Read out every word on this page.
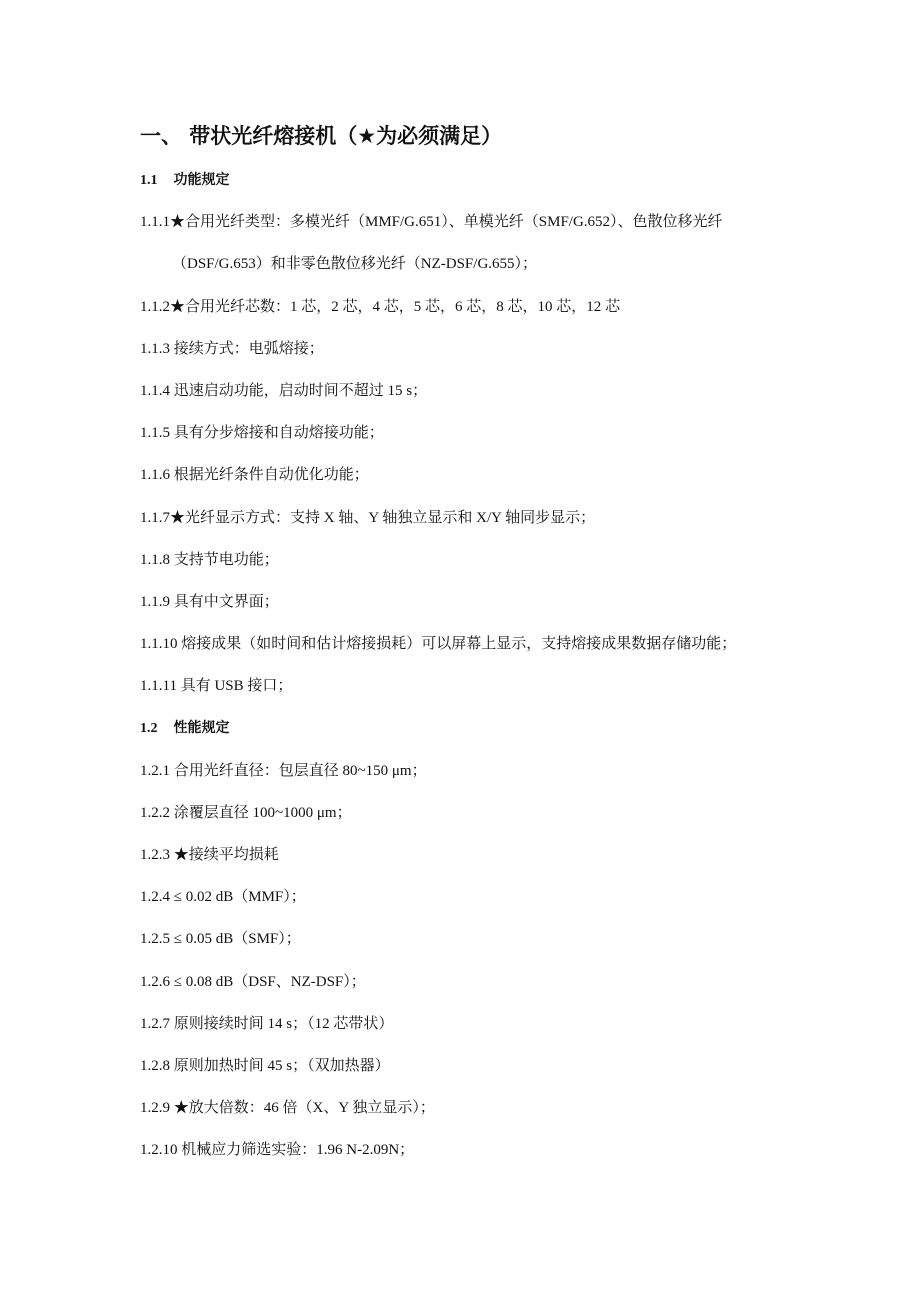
一、 带状光纤熔接机（★为必须满足）
1.1 功能规定
1.1.1★合用光纤类型：多模光纤（MMF/G.651）、单模光纤（SMF/G.652）、色散位移光纤
（DSF/G.653）和非零色散位移光纤（NZ-DSF/G.655）；
1.1.2★合用光纤芯数：1 芯，2 芯，4 芯，5 芯，6 芯，8 芯，10 芯，12 芯
1.1.3 接续方式：电弧熔接；
1.1.4 迅速启动功能，启动时间不超过 15 s；
1.1.5 具有分步熔接和自动熔接功能；
1.1.6 根据光纤条件自动优化功能；
1.1.7★光纤显示方式：支持 X 轴、Y 轴独立显示和 X/Y 轴同步显示；
1.1.8 支持节电功能；
1.1.9 具有中文界面；
1.1.10 熔接成果（如时间和估计熔接损耗）可以屏幕上显示，支持熔接成果数据存储功能；
1.1.11 具有 USB 接口；
1.2 性能规定
1.2.1 合用光纤直径：包层直径 80~150 μm；
1.2.2 涂覆层直径 100~1000 μm；
1.2.3 ★接续平均损耗
1.2.4 ≤ 0.02 dB（MMF）；
1.2.5 ≤ 0.05 dB（SMF）；
1.2.6 ≤ 0.08 dB（DSF、NZ-DSF）；
1.2.7 原则接续时间 14 s；（12 芯带状）
1.2.8 原则加热时间 45 s；（双加热器）
1.2.9 ★放大倍数：46 倍（X、Y 独立显示）；
1.2.10 机械应力筛选实验：1.96 N-2.09N；
